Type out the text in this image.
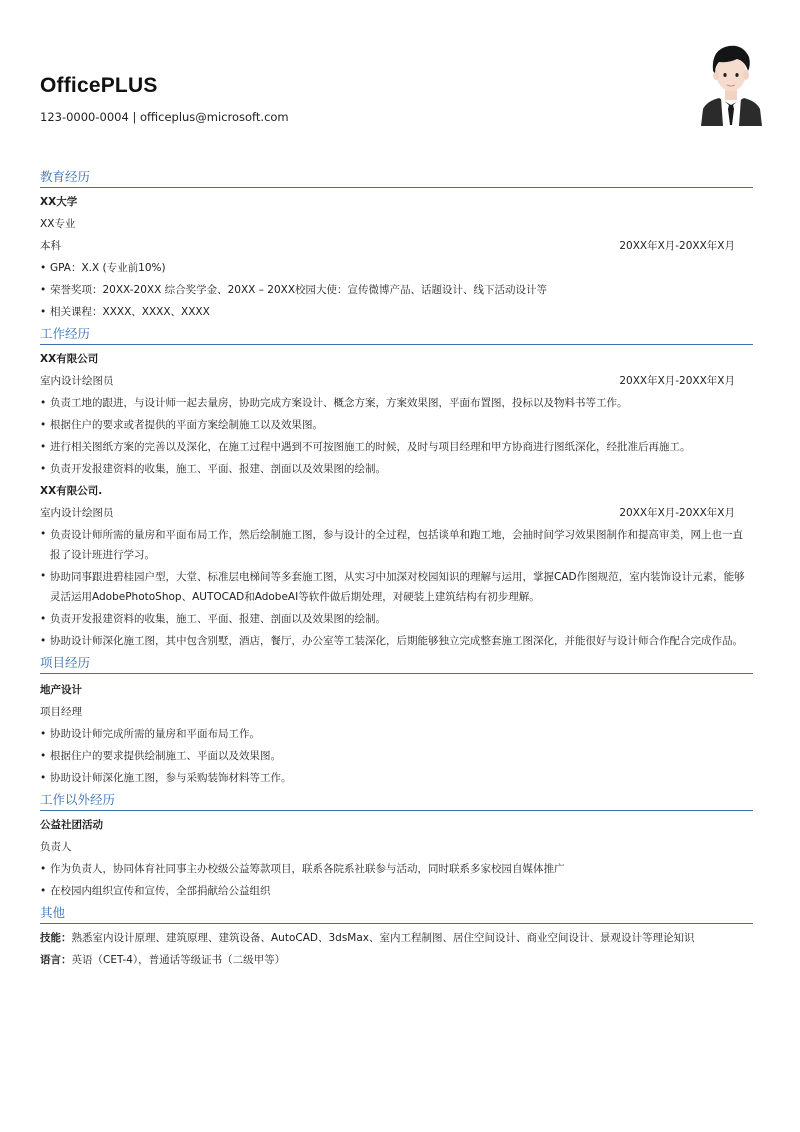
OfficePLUS
123-0000-0004 | officeplus@microsoft.com
教育经历
XX大学
XX专业
本科	20XX年X月-20XX年X月
• GPA：X.X (专业前10%)
• 荣誉奖项：20XX-20XX 综合奖学金、20XX – 20XX校园大使：宣传微博产品、话题设计、线下活动设计等
• 相关课程：XXXX、XXXX、XXXX
工作经历
XX有限公司
室内设计绘图员	20XX年X月-20XX年X月
• 负责工地的跟进，与设计师一起去量房，协助完成方案设计、概念方案，方案效果图，平面布置图，投标以及物料书等工作。
• 根据住户的要求或者提供的平面方案绘制施工以及效果图。
• 进行相关图纸方案的完善以及深化，在施工过程中遇到不可按图施工的时候，及时与项目经理和甲方协商进行图纸深化，经批准后再施工。
• 负责开发报建资料的收集，施工、平面、报建、剖面以及效果图的绘制。
XX有限公司.
室内设计绘图员	20XX年X月-20XX年X月
• 负责设计师所需的量房和平面布局工作，然后绘制施工图，参与设计的全过程，包括谈单和跑工地，会抽时间学习效果图制作和提高审美，网上也一直报了设计班进行学习。
• 协助同事跟进碧桂园户型，大堂、标准层电梯间等多套施工图，从实习中加深对校园知识的理解与运用，掌握CAD作图规范，室内装饰设计元素，能够灵活运用AdobePhotoShop、AUTOCAD和AdobeAI等软件做后期处理，对硬装上建筑结构有初步理解。
• 负责开发报建资料的收集，施工、平面、报建、剖面以及效果图的绘制。
• 协助设计师深化施工图，其中包含别墅，酒店，餐厅，办公室等工装深化，后期能够独立完成整套施工图深化，并能很好与设计师合作配合完成作品。
项目经历
地产设计
项目经理
• 协助设计师完成所需的量房和平面布局工作。
• 根据住户的要求提供绘制施工、平面以及效果图。
• 协助设计师深化施工图，参与采购装饰材料等工作。
工作以外经历
公益社团活动
负责人
• 作为负责人，协同体育社同事主办校级公益筹款项目，联系各院系社联参与活动，同时联系多家校园自媒体推广
• 在校园内组织宣传和宣传，全部捐献给公益组织
其他
技能：熟悉室内设计原理、建筑原理、建筑设备、AutoCAD、3dsMax、室内工程制图、居住空间设计、商业空间设计、景观设计等理论知识
语言：英语（CET-4），普通话等级证书（二级甲等）
